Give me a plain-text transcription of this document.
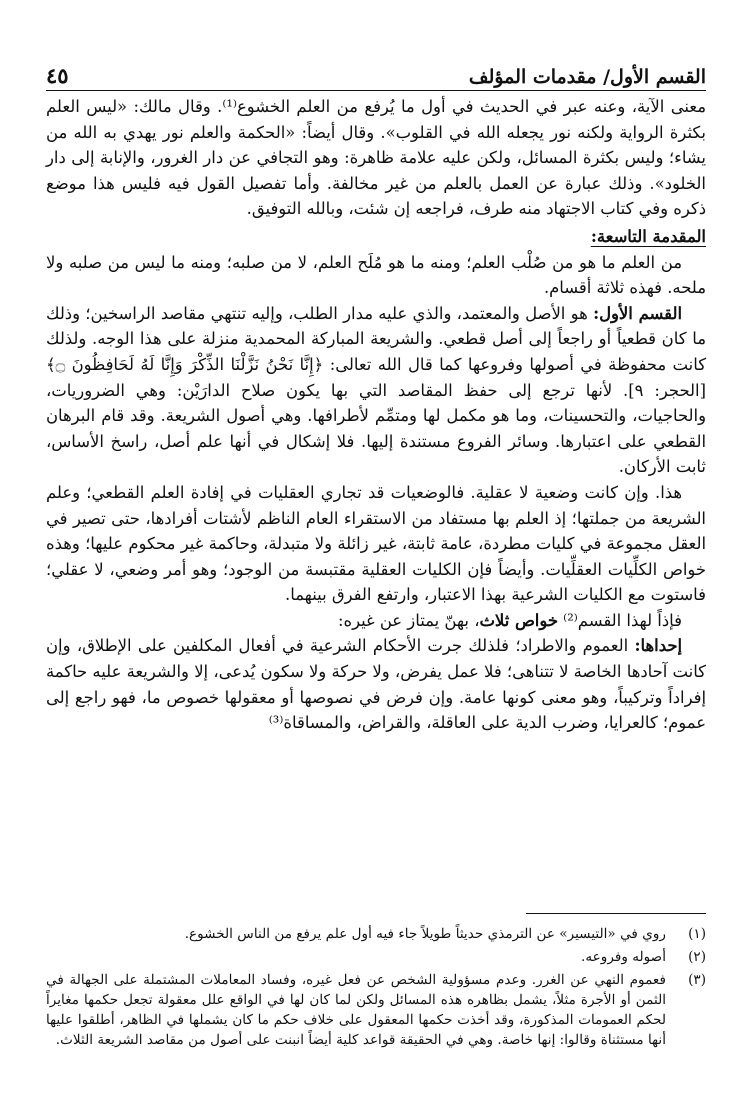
القسم الأول/ مقدمات المؤلف
٤٥

معنى الآية، وعنه عبر في الحديث في أول ما يُرفع من العلم الخشوع⁽¹⁾. وقال مالك: «ليس العلم بكثرة الرواية ولكنه نور يجعله الله في القلوب». وقال أيضاً: «الحكمة والعلم نور يهدي به الله من يشاء؛ وليس بكثرة المسائل، ولكن عليه علامة ظاهرة: وهو التجافي عن دار الغرور، والإنابة إلى دار الخلود». وذلك عبارة عن العمل بالعلم من غير مخالفة. وأما تفصيل القول فيه فليس هذا موضع ذكره وفي كتاب الاجتهاد منه طرف، فراجعه إن شئت، وبالله التوفيق.

المقدمة التاسعة:

من العلم ما هو من صُلْب العلم؛ ومنه ما هو مُلَح العلم، لا من صلبه؛ ومنه ما ليس من صلبه ولا ملحه. فهذه ثلاثة أقسام.

القسم الأول: هو الأصل والمعتمد، والذي عليه مدار الطلب، وإليه تنتهي مقاصد الراسخين؛ وذلك ما كان قطعياً أو راجعاً إلى أصل قطعي. والشريعة المباركة المحمدية منزلة على هذا الوجه. ولذلك كانت محفوظة في أصولها وفروعها كما قال الله تعالى: ﴿إِنَّا نَحْنُ نَزَّلْنَا الذِّكْرَ وَإِنَّا لَهُ لَحَافِظُونَ ۝﴾ [الحجر: ٩]. لأنها ترجع إلى حفظ المقاصد التي بها يكون صلاح الدارَيْن: وهي الضروريات، والحاجيات، والتحسينات، وما هو مكمل لها ومتمِّم لأطرافها. وهي أصول الشريعة. وقد قام البرهان القطعي على اعتبارها. وسائر الفروع مستندة إليها. فلا إشكال في أنها علم أصل، راسخ الأساس، ثابت الأركان.

هذا. وإن كانت وضعية لا عقلية. فالوضعيات قد تجاري العقليات في إفادة العلم القطعي؛ وعلم الشريعة من جملتها؛ إذ العلم بها مستفاد من الاستقراء العام الناظم لأشتات أفرادها، حتى تصير في العقل مجموعة في كليات مطردة، عامة ثابتة، غير زائلة ولا متبدلة، وحاكمة غير محكوم عليها؛ وهذه خواص الكلِّيات العقلِّيات. وأيضاً فإن الكليات العقلية مقتبسة من الوجود؛ وهو أمر وضعي، لا عقلي؛ فاستوت مع الكليات الشرعية بهذا الاعتبار، وارتفع الفرق بينهما.

فإذاً لهذا القسم⁽²⁾ خواص ثلاث، بهنّ يمتاز عن غيره:

إحداها: العموم والاطراد؛ فلذلك جرت الأحكام الشرعية في أفعال المكلفين على الإطلاق، وإن كانت آحادها الخاصة لا تتناهى؛ فلا عمل يفرض، ولا حركة ولا سكون يُدعى، إلا والشريعة عليه حاكمة إفراداً وتركيباً، وهو معنى كونها عامة. وإن فرض في نصوصها أو معقولها خصوص ما، فهو راجع إلى عموم؛ كالعرايا، وضرب الدية على العاقلة، والقراض، والمساقاة⁽³⁾

(١)
روي في «التيسير» عن الترمذي حديثاً طويلاً جاء فيه أول علم يرفع من الناس الخشوع.
(٢)
أصوله وفروعه.
(٣)
فعموم النهي عن الغرر. وعدم مسؤولية الشخص عن فعل غيره، وفساد المعاملات المشتملة على الجهالة في الثمن أو الأجرة مثلاً، يشمل بظاهره هذه المسائل ولكن لما كان لها في الواقع علل معقولة تجعل حكمها مغايراً لحكم العمومات المذكورة، وقد أخذت حكمها المعقول على خلاف حكم ما كان يشملها في الظاهر، أطلقوا عليها أنها مستثناة وقالوا: إنها خاصة. وهي في الحقيقة قواعد كلية أيضاً انبنت على أصول من مقاصد الشريعة الثلاث.
